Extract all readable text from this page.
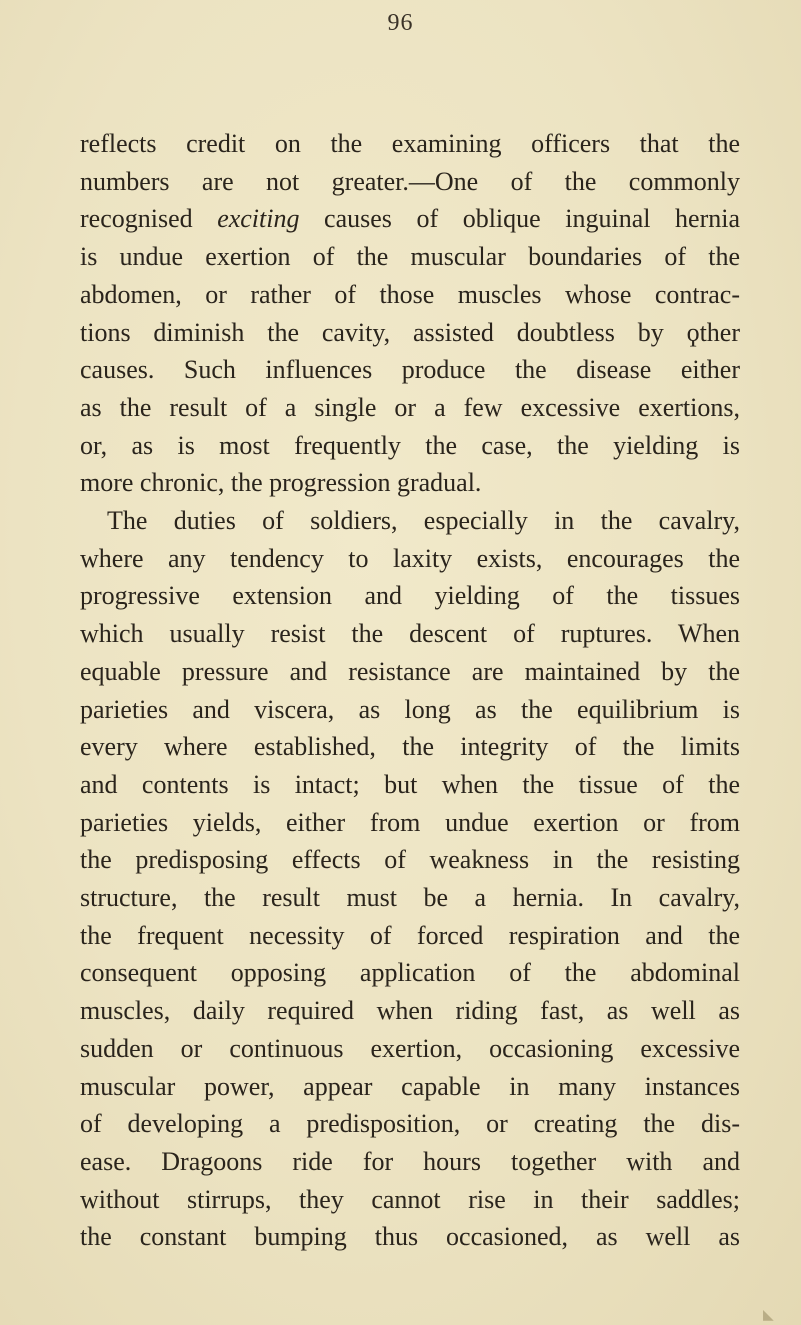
96
reflects credit on the examining officers that the
numbers are not greater.—One of the commonly
recognised exciting causes of oblique inguinal hernia
is undue exertion of the muscular boundaries of the
abdomen, or rather of those muscles whose contrac-
tions diminish the cavity, assisted doubtless by ϙther
causes. Such influences produce the disease either
as the result of a single or a few excessive exertions,
or, as is most frequently the case, the yielding is
more chronic, the progression gradual.
The duties of soldiers, especially in the cavalry,
where any tendency to laxity exists, encourages the
progressive extension and yielding of the tissues
which usually resist the descent of ruptures. When
equable pressure and resistance are maintained by the
parieties and viscera, as long as the equilibrium is
every where established, the integrity of the limits
and contents is intact; but when the tissue of the
parieties yields, either from undue exertion or from
the predisposing effects of weakness in the resisting
structure, the result must be a hernia. In cavalry,
the frequent necessity of forced respiration and the
consequent opposing application of the abdominal
muscles, daily required when riding fast, as well as
sudden or continuous exertion, occasioning excessive
muscular power, appear capable in many instances
of developing a predisposition, or creating the dis-
ease. Dragoons ride for hours together with and
without stirrups, they cannot rise in their saddles;
the constant bumping thus occasioned, as well as
◣
